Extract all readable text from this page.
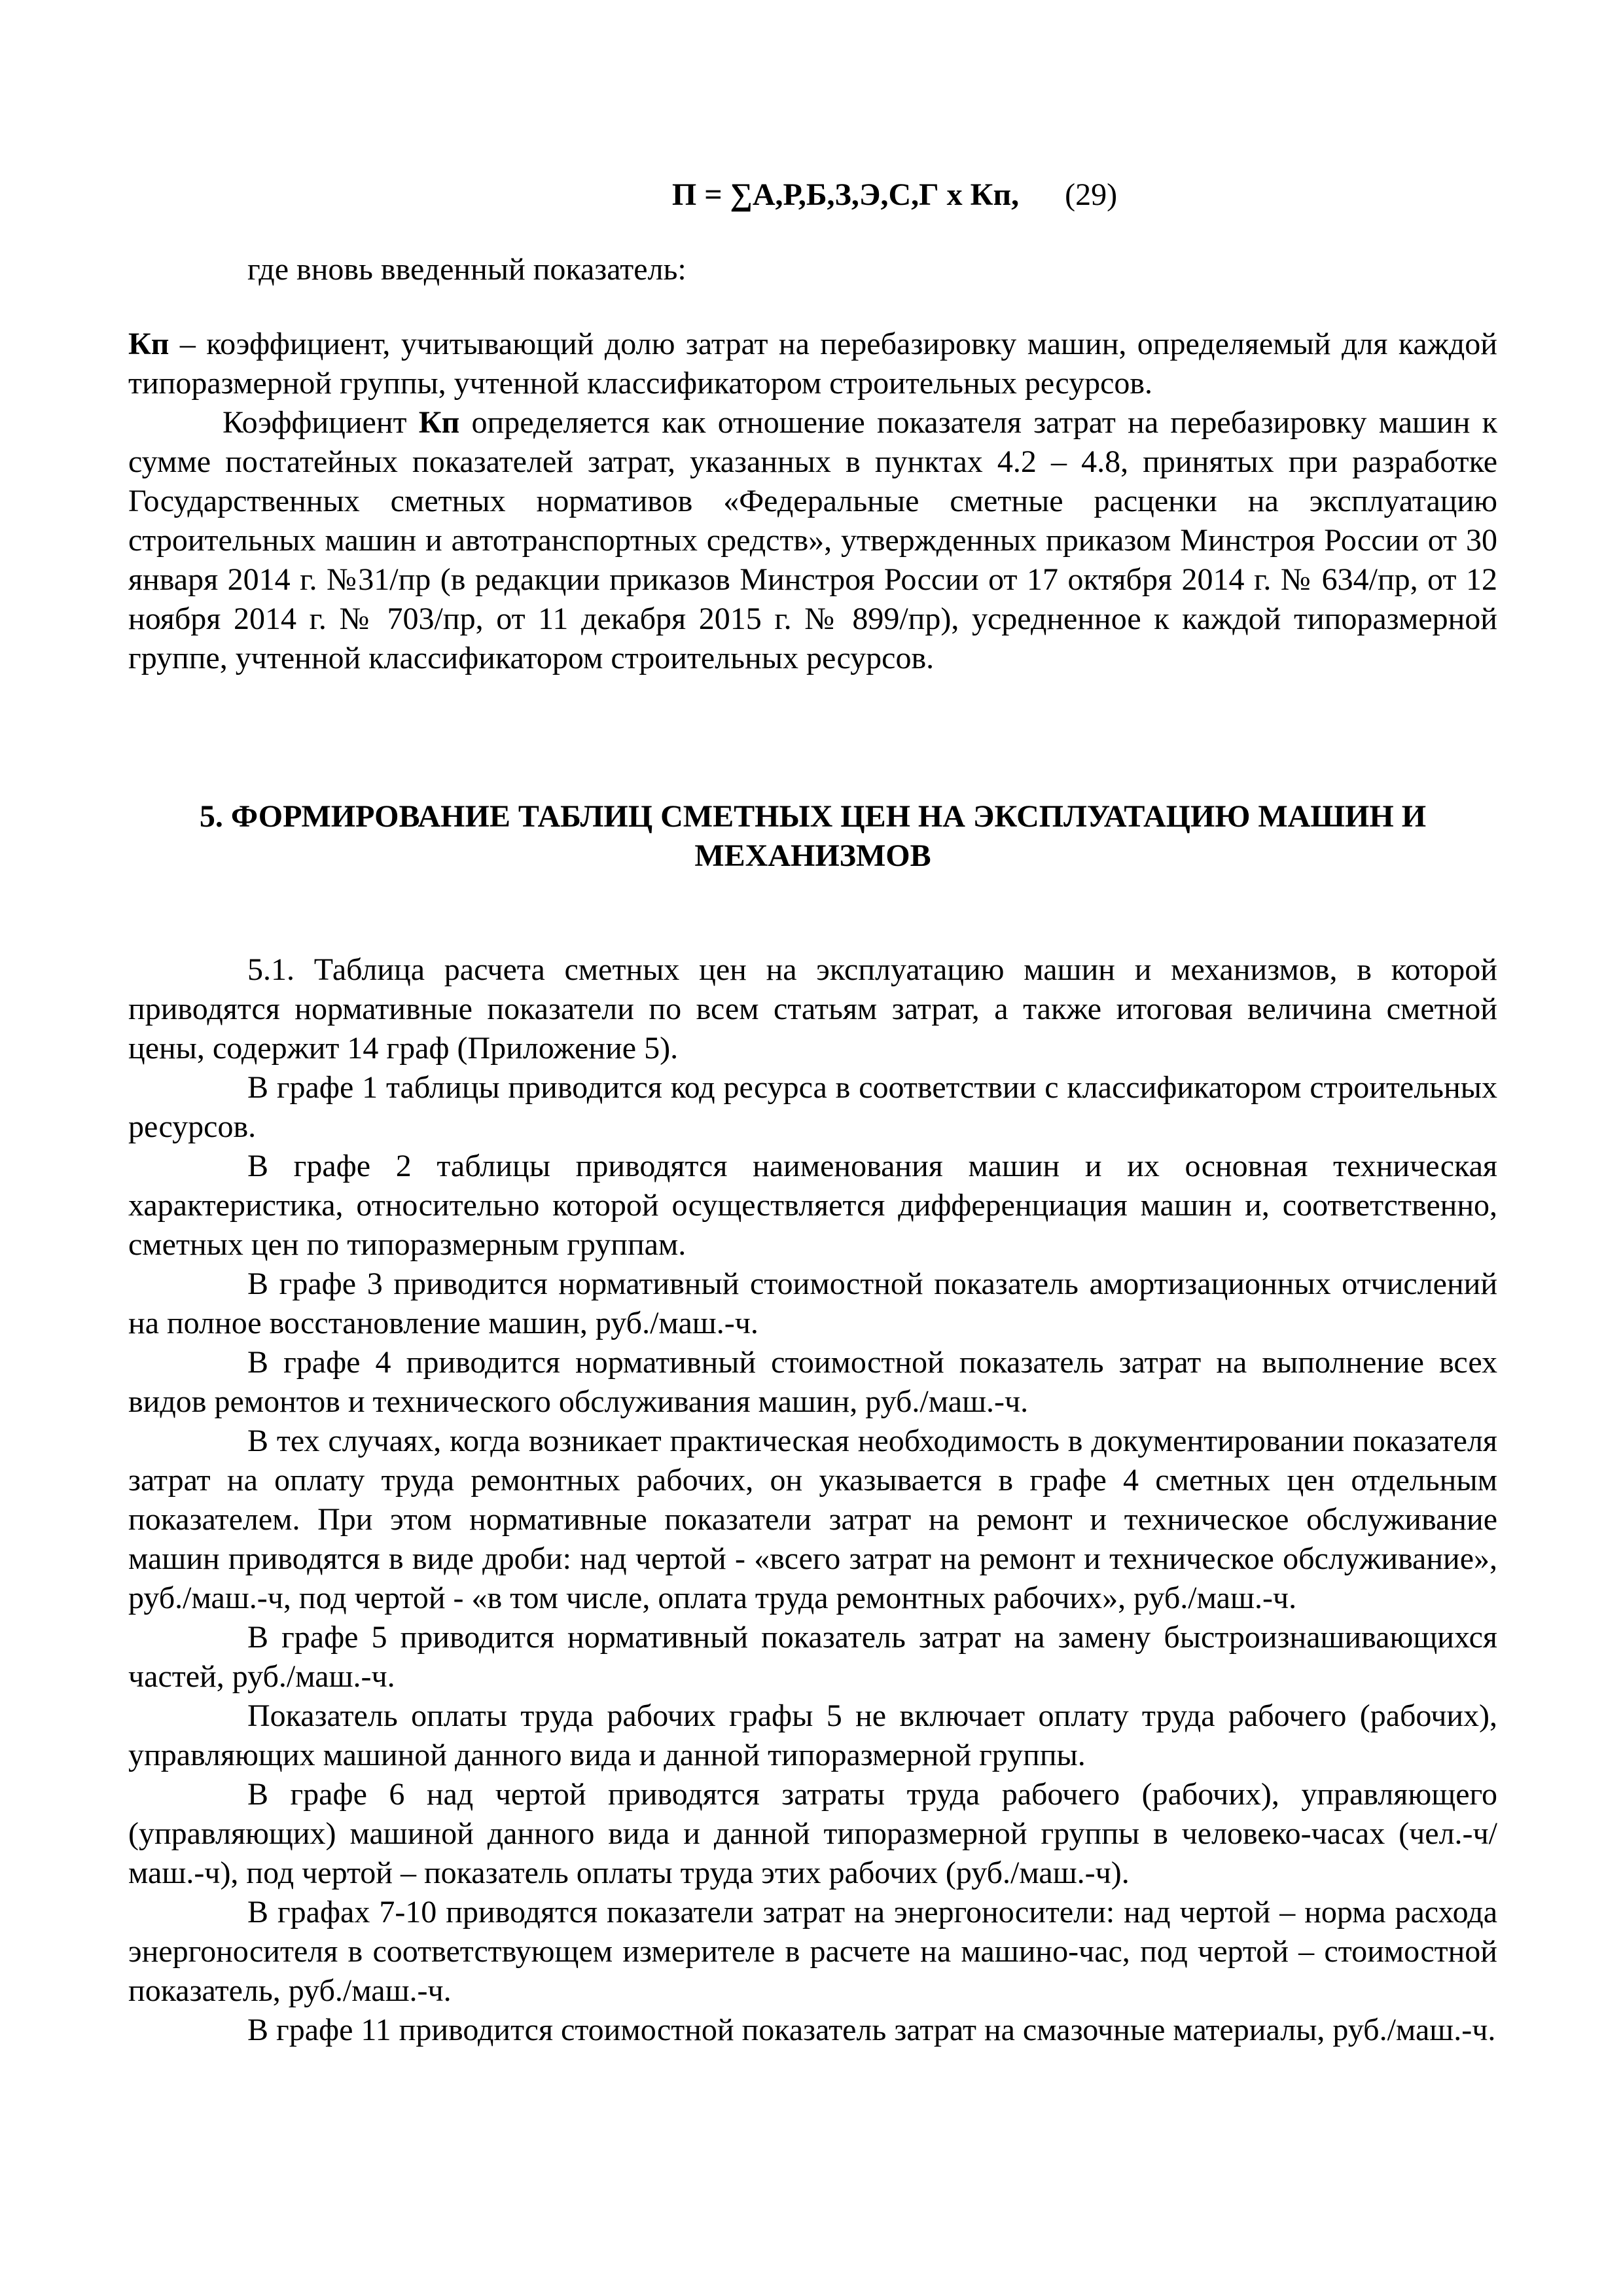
П = ∑А,Р,Б,З,Э,С,Г х Кп, (29)

где вновь введенный показатель:

Кп – коэффициент, учитывающий долю затрат на перебазировку машин, определяемый для каждой типоразмерной группы, учтенной классификатором строительных ресурсов.

Коэффициент Кп определяется как отношение показателя затрат на перебазировку машин к сумме постатейных показателей затрат, указанных в пунктах 4.2 – 4.8, принятых при разработке Государственных сметных нормативов «Федеральные сметные расценки на эксплуатацию строительных машин и автотранспортных средств», утвержденных приказом Минстроя России от 30 января 2014 г. №31/пр (в редакции приказов Минстроя России от 17 октября 2014 г. № 634/пр, от 12 ноября 2014 г. № 703/пр, от 11 декабря 2015 г. № 899/пр), усредненное к каждой типоразмерной группе, учтенной классификатором строительных ресурсов.

5. ФОРМИРОВАНИЕ ТАБЛИЦ СМЕТНЫХ ЦЕН НА ЭКСПЛУАТАЦИЮ МАШИН И
МЕХАНИЗМОВ

5.1. Таблица расчета сметных цен на эксплуатацию машин и механизмов, в которой приводятся нормативные показатели по всем статьям затрат, а также итоговая величина сметной цены, содержит 14 граф (Приложение 5).

В графе 1 таблицы приводится код ресурса в соответствии с классификатором строительных ресурсов.

В графе 2 таблицы приводятся наименования машин и их основная техническая характеристика, относительно которой осуществляется дифференциация машин и, соответственно, сметных цен по типоразмерным группам.

В графе 3 приводится нормативный стоимостной показатель амортизационных отчислений на полное восстановление машин, руб./маш.-ч.

В графе 4 приводится нормативный стоимостной показатель затрат на выполнение всех видов ремонтов и технического обслуживания машин, руб./маш.-ч.

В тех случаях, когда возникает практическая необходимость в документировании показателя затрат на оплату труда ремонтных рабочих, он указывается в графе 4 сметных цен отдельным показателем. При этом нормативные показатели затрат на ремонт и техническое обслуживание машин приводятся в виде дроби: над чертой - «всего затрат на ремонт и техническое обслуживание», руб./маш.-ч, под чертой - «в том числе, оплата труда ремонтных рабочих», руб./маш.-ч.

В графе 5 приводится нормативный показатель затрат на замену быстроизнашивающихся частей, руб./маш.-ч.

Показатель оплаты труда рабочих графы 5 не включает оплату труда рабочего (рабочих), управляющих машиной данного вида и данной типоразмерной группы.

В графе 6 над чертой приводятся затраты труда рабочего (рабочих), управляющего (управляющих) машиной данного вида и данной типоразмерной группы в человеко-часах (чел.-ч/маш.-ч), под чертой – показатель оплаты труда этих рабочих (руб./маш.-ч).

В графах 7-10 приводятся показатели затрат на энергоносители: над чертой – норма расхода энергоносителя в соответствующем измерителе в расчете на машино-час, под чертой – стоимостной показатель, руб./маш.-ч.

В графе 11 приводится стоимостной показатель затрат на смазочные материалы, руб./маш.-ч.
